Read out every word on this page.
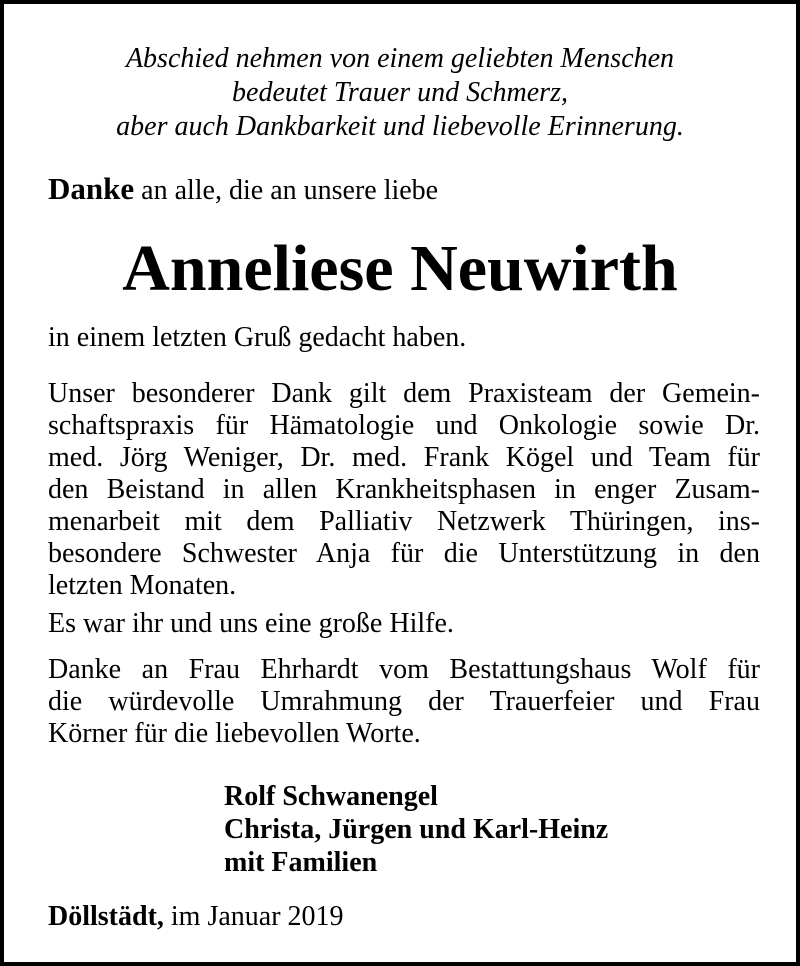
Abschied nehmen von einem geliebten Menschen
bedeutet Trauer und Schmerz,
aber auch Dankbarkeit und liebevolle Erinnerung.
Danke an alle, die an unsere liebe
Anneliese Neuwirth
in einem letzten Gruß gedacht haben.
Unser besonderer Dank gilt dem Praxisteam der Gemein-
schaftspraxis für Hämatologie und Onkologie sowie Dr.
med. Jörg Weniger, Dr. med. Frank Kögel und Team für
den Beistand in allen Krankheitsphasen in enger Zusam-
menarbeit mit dem Palliativ Netzwerk Thüringen, ins-
besondere Schwester Anja für die Unterstützung in den
letzten Monaten.
Es war ihr und uns eine große Hilfe.
Danke an Frau Ehrhardt vom Bestattungshaus Wolf für
die würdevolle Umrahmung der Trauerfeier und Frau
Körner für die liebevollen Worte.
Rolf Schwanengel
Christa, Jürgen und Karl-Heinz
mit Familien
Döllstädt, im Januar 2019
